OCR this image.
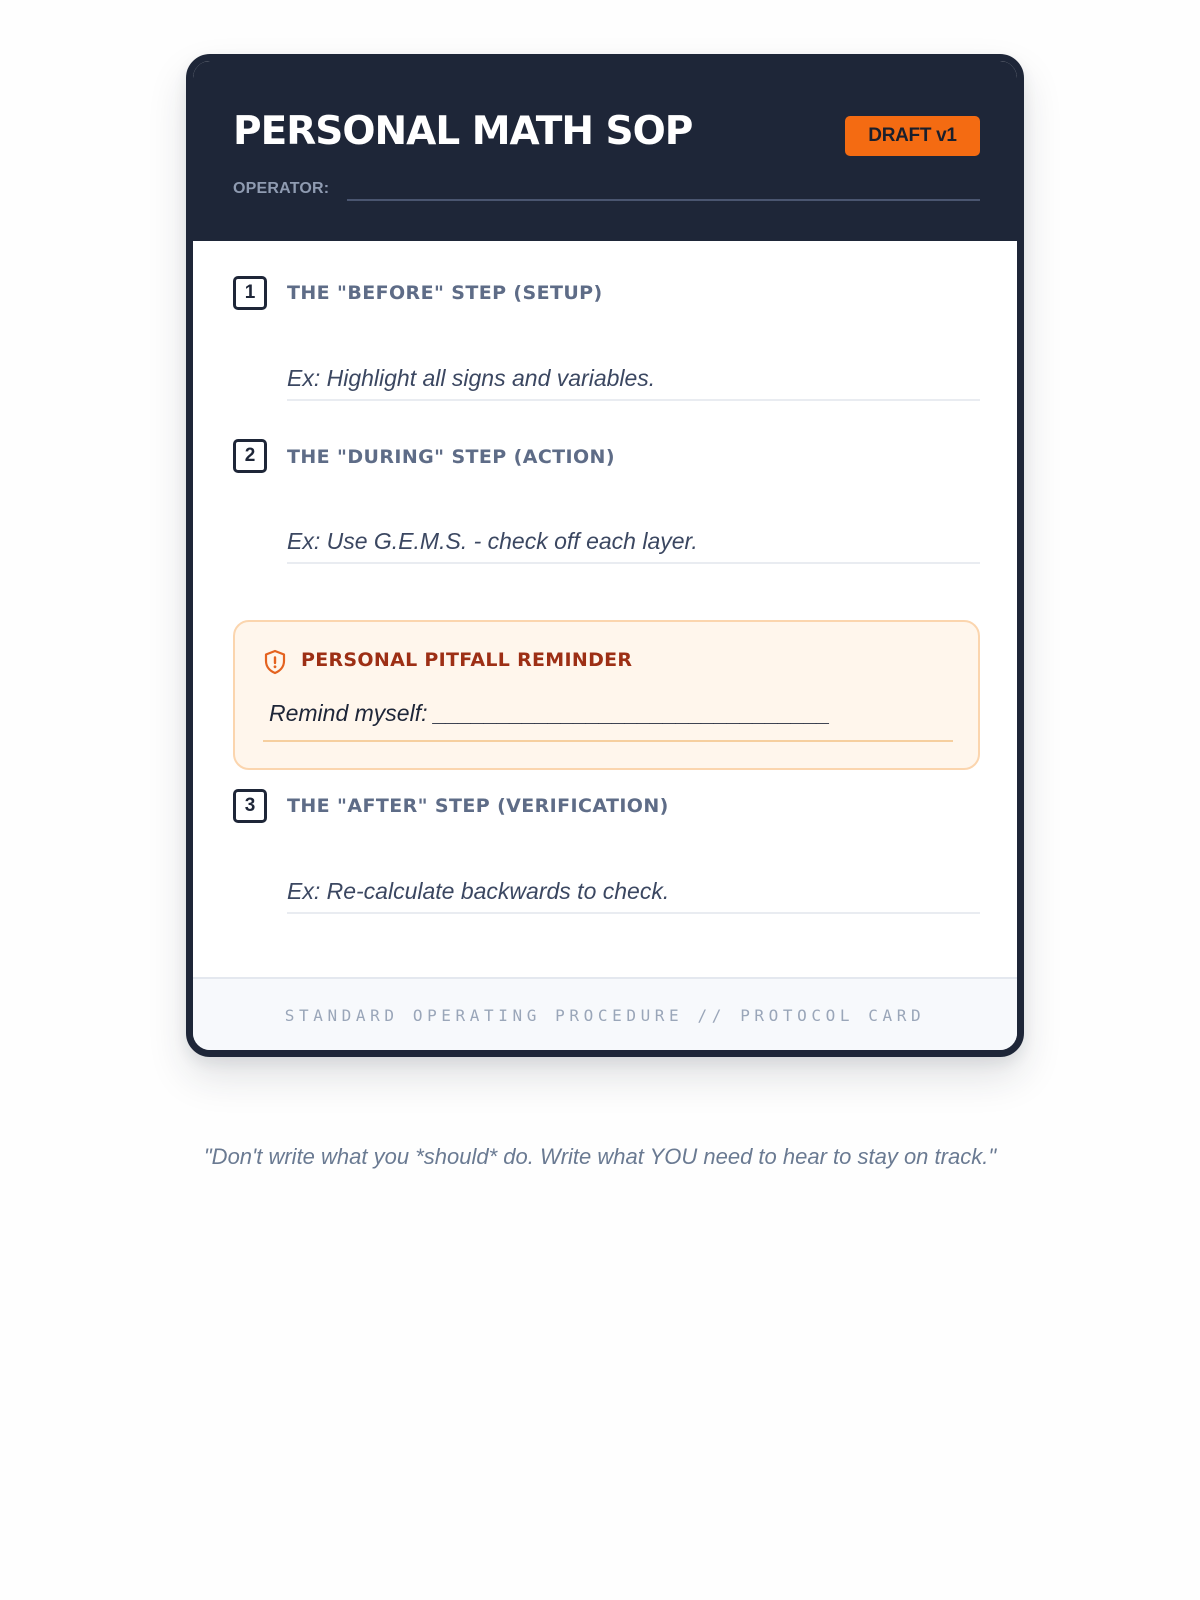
PERSONAL MATH SOP	DRAFT v1
OPERATOR:
1	THE "BEFORE" STEP (SETUP)
Ex: Highlight all signs and variables.
2	THE "DURING" STEP (ACTION)
Ex: Use G.E.M.S. - check off each layer.
PERSONAL PITFALL REMINDER
Remind myself: _______________________________
3	THE "AFTER" STEP (VERIFICATION)
Ex: Re-calculate backwards to check.
STANDARD OPERATING PROCEDURE // PROTOCOL CARD
"Don't write what you *should* do. Write what YOU need to hear to stay on track."
